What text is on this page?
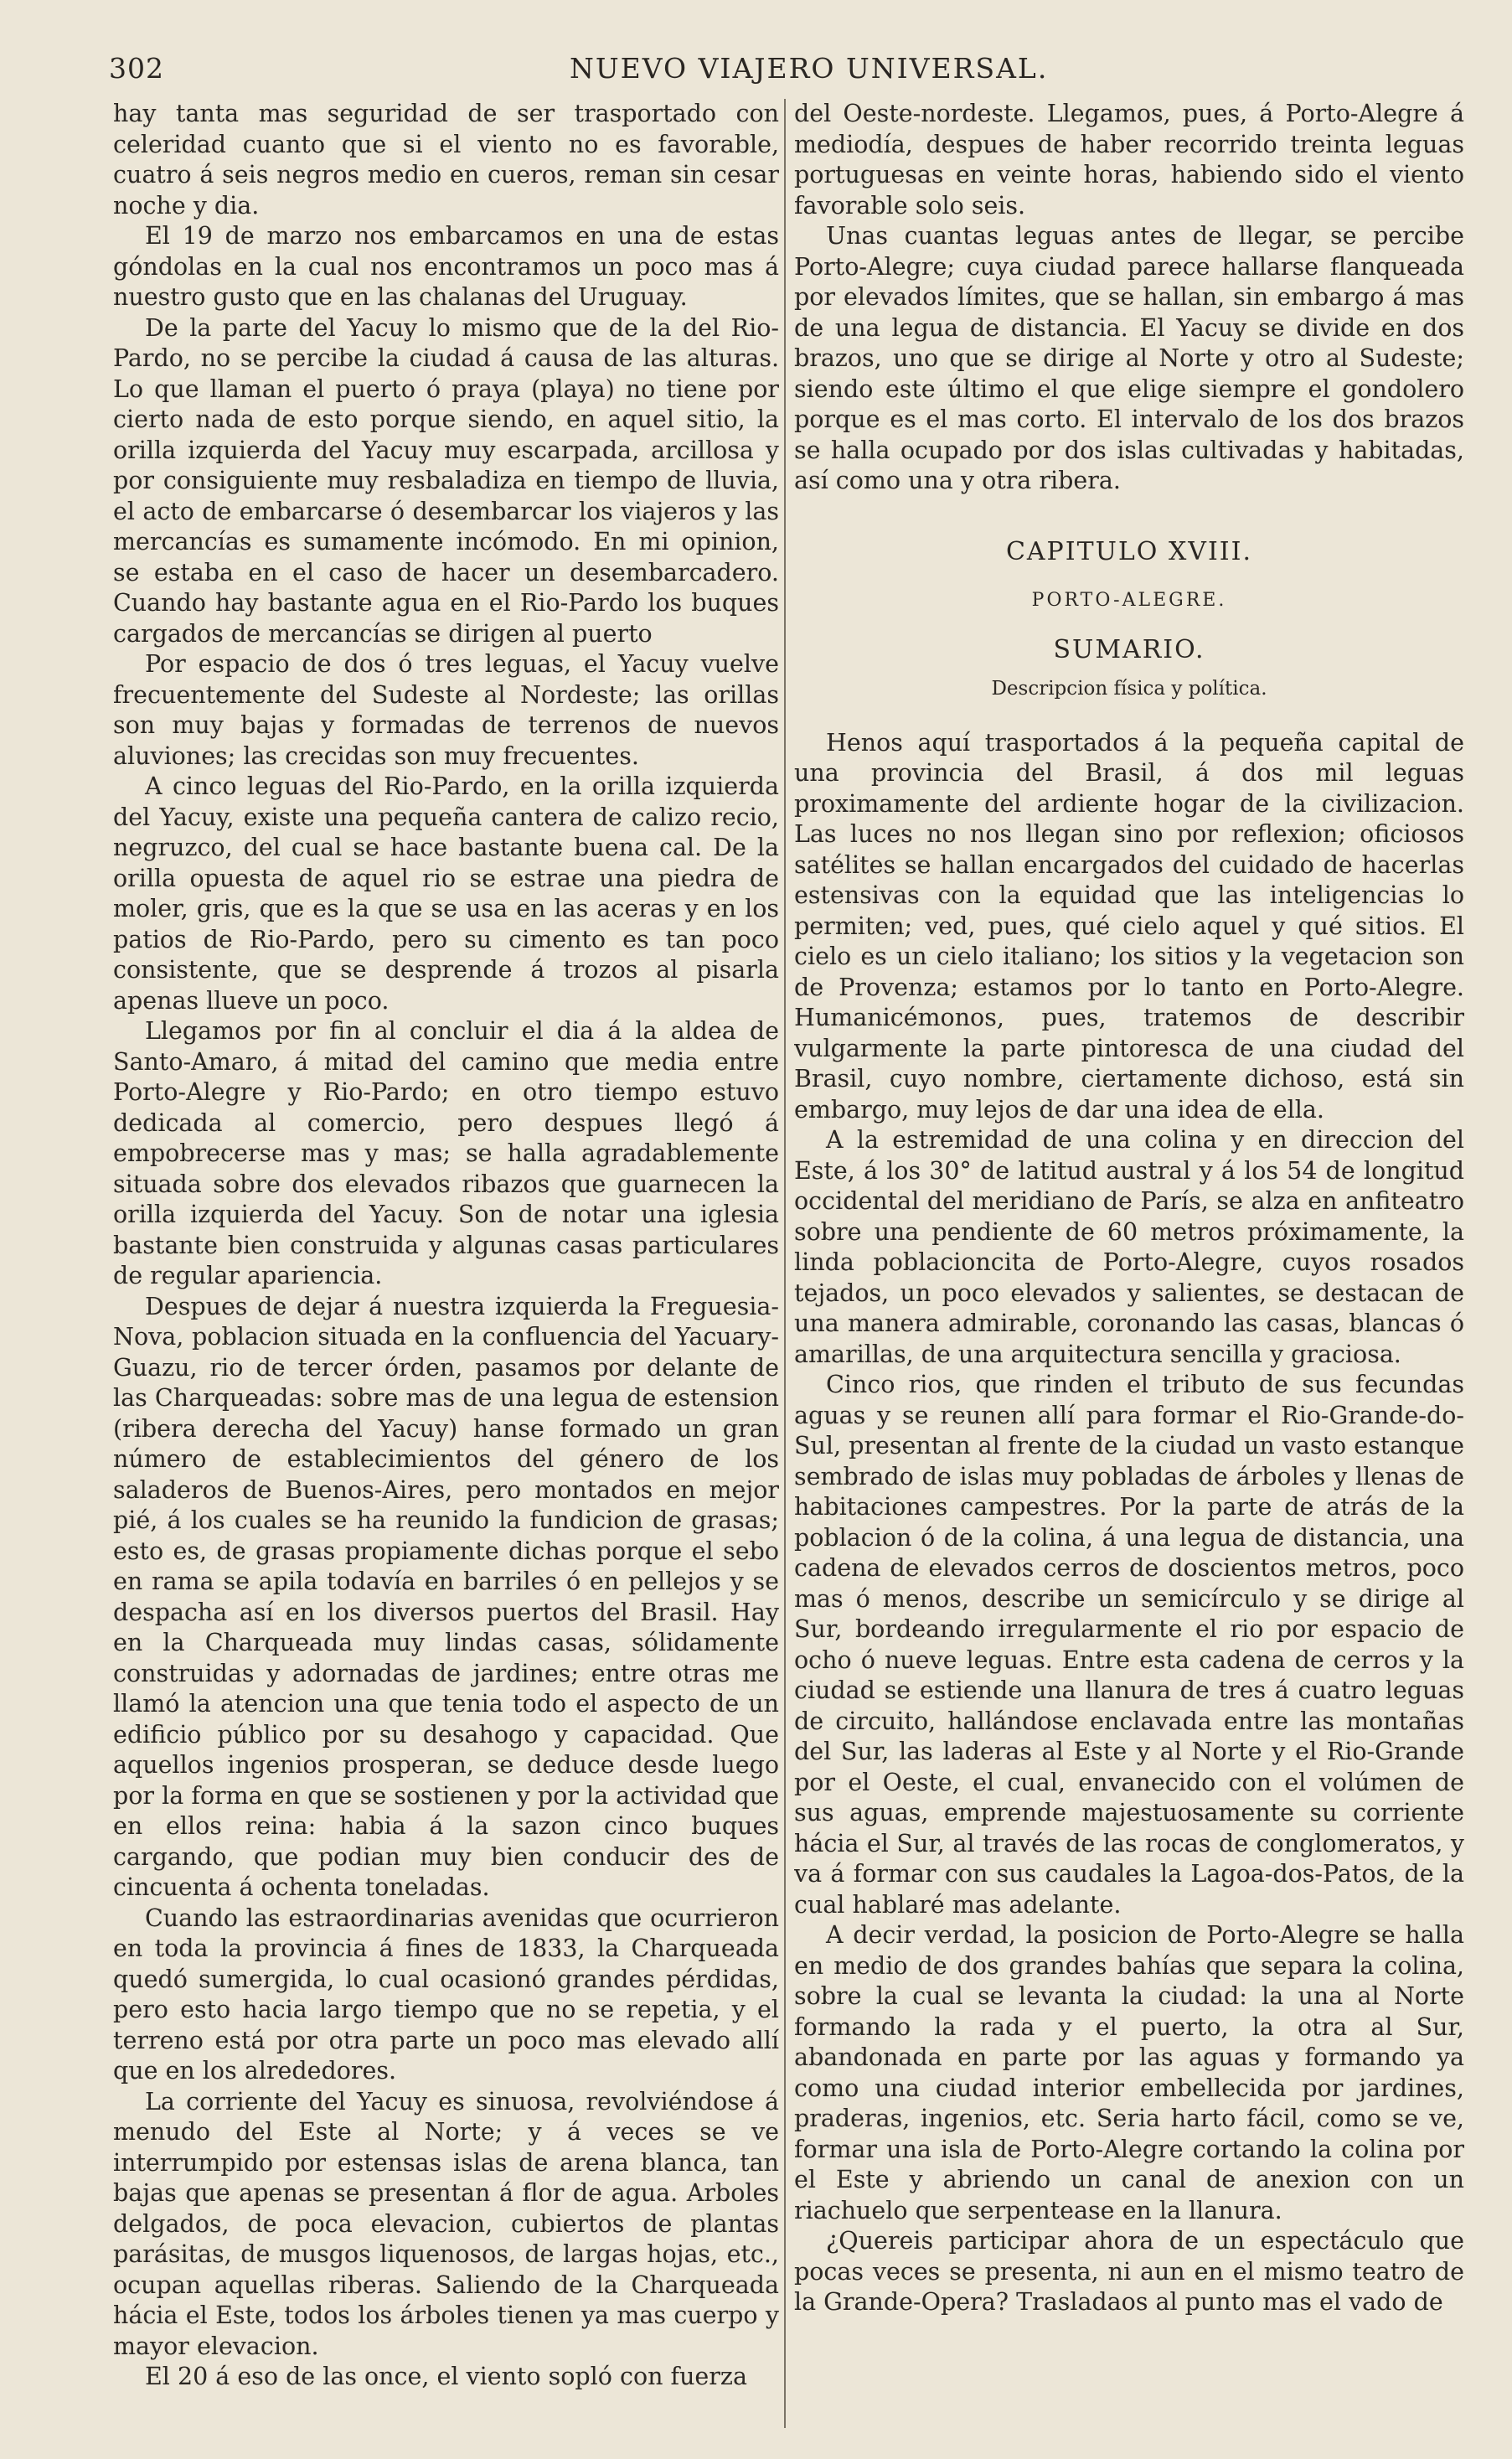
302	NUEVO VIAJERO UNIVERSAL.

hay tanta mas seguridad de ser trasportado con celeridad cuanto que si el viento no es favorable, cuatro á seis negros medio en cueros, reman sin cesar noche y dia.

El 19 de marzo nos embarcamos en una de estas góndolas en la cual nos encontramos un poco mas á nuestro gusto que en las chalanas del Uruguay.

De la parte del Yacuy lo mismo que de la del Rio-Pardo, no se percibe la ciudad á causa de las alturas. Lo que llaman el puerto ó praya (playa) no tiene por cierto nada de esto porque siendo, en aquel sitio, la orilla izquierda del Yacuy muy escarpada, arcillosa y por consiguiente muy resbaladiza en tiempo de lluvia, el acto de embarcarse ó desembarcar los viajeros y las mercancías es sumamente incómodo. En mi opinion, se estaba en el caso de hacer un desembarcadero. Cuando hay bastante agua en el Rio-Pardo los buques cargados de mercancías se dirigen al puerto

Por espacio de dos ó tres leguas, el Yacuy vuelve frecuentemente del Sudeste al Nordeste; las orillas son muy bajas y formadas de terrenos de nuevos aluviones; las crecidas son muy frecuentes.

A cinco leguas del Rio-Pardo, en la orilla izquierda del Yacuy, existe una pequeña cantera de calizo recio, negruzco, del cual se hace bastante buena cal. De la orilla opuesta de aquel rio se estrae una piedra de moler, gris, que es la que se usa en las aceras y en los patios de Rio-Pardo, pero su cimento es tan poco consistente, que se desprende á trozos al pisarla apenas llueve un poco.

Llegamos por fin al concluir el dia á la aldea de Santo-Amaro, á mitad del camino que media entre Porto-Alegre y Rio-Pardo; en otro tiempo estuvo dedicada al comercio, pero despues llegó á empobrecerse mas y mas; se halla agradablemente situada sobre dos elevados ribazos que guarnecen la orilla izquierda del Yacuy. Son de notar una iglesia bastante bien construida y algunas casas particulares de regular apariencia.

Despues de dejar á nuestra izquierda la Freguesia-Nova, poblacion situada en la confluencia del Yacuary-Guazu, rio de tercer órden, pasamos por delante de las Charqueadas: sobre mas de una legua de estension (ribera derecha del Yacuy) hanse formado un gran número de establecimientos del género de los saladeros de Buenos-Aires, pero montados en mejor pié, á los cuales se ha reunido la fundicion de grasas; esto es, de grasas propiamente dichas porque el sebo en rama se apila todavía en barriles ó en pellejos y se despacha así en los diversos puertos del Brasil. Hay en la Charqueada muy lindas casas, sólidamente construidas y adornadas de jardines; entre otras me llamó la atencion una que tenia todo el aspecto de un edificio público por su desahogo y capacidad. Que aquellos ingenios prosperan, se deduce desde luego por la forma en que se sostienen y por la actividad que en ellos reina: habia á la sazon cinco buques cargando, que podian muy bien conducir des de cincuenta á ochenta toneladas.

Cuando las estraordinarias avenidas que ocurrieron en toda la provincia á fines de 1833, la Charqueada quedó sumergida, lo cual ocasionó grandes pérdidas, pero esto hacia largo tiempo que no se repetia, y el terreno está por otra parte un poco mas elevado allí que en los alrededores.

La corriente del Yacuy es sinuosa, revolviéndose á menudo del Este al Norte; y á veces se ve interrumpido por estensas islas de arena blanca, tan bajas que apenas se presentan á flor de agua. Arboles delgados, de poca elevacion, cubiertos de plantas parásitas, de musgos liquenosos, de largas hojas, etc., ocupan aquellas riberas. Saliendo de la Charqueada hácia el Este, todos los árboles tienen ya mas cuerpo y mayor elevacion.

El 20 á eso de las once, el viento sopló con fuerza

del Oeste-nordeste. Llegamos, pues, á Porto-Alegre á mediodía, despues de haber recorrido treinta leguas portuguesas en veinte horas, habiendo sido el viento favorable solo seis.

Unas cuantas leguas antes de llegar, se percibe Porto-Alegre; cuya ciudad parece hallarse flanqueada por elevados límites, que se hallan, sin embargo á mas de una legua de distancia. El Yacuy se divide en dos brazos, uno que se dirige al Norte y otro al Sudeste; siendo este último el que elige siempre el gondolero porque es el mas corto. El intervalo de los dos brazos se halla ocupado por dos islas cultivadas y habitadas, así como una y otra ribera.

CAPITULO XVIII.
PORTO-ALEGRE.
SUMARIO.
Descripcion física y política.

Henos aquí trasportados á la pequeña capital de una provincia del Brasil, á dos mil leguas proximamente del ardiente hogar de la civilizacion. Las luces no nos llegan sino por reflexion; oficiosos satélites se hallan encargados del cuidado de hacerlas estensivas con la equidad que las inteligencias lo permiten; ved, pues, qué cielo aquel y qué sitios. El cielo es un cielo italiano; los sitios y la vegetacion son de Provenza; estamos por lo tanto en Porto-Alegre. Humanicémonos, pues, tratemos de describir vulgarmente la parte pintoresca de una ciudad del Brasil, cuyo nombre, ciertamente dichoso, está sin embargo, muy lejos de dar una idea de ella.

A la estremidad de una colina y en direccion del Este, á los 30° de latitud austral y á los 54 de longitud occidental del meridiano de París, se alza en anfiteatro sobre una pendiente de 60 metros próximamente, la linda poblacioncita de Porto-Alegre, cuyos rosados tejados, un poco elevados y salientes, se destacan de una manera admirable, coronando las casas, blancas ó amarillas, de una arquitectura sencilla y graciosa.

Cinco rios, que rinden el tributo de sus fecundas aguas y se reunen allí para formar el Rio-Grande-do-Sul, presentan al frente de la ciudad un vasto estanque sembrado de islas muy pobladas de árboles y llenas de habitaciones campestres. Por la parte de atrás de la poblacion ó de la colina, á una legua de distancia, una cadena de elevados cerros de doscientos metros, poco mas ó menos, describe un semicírculo y se dirige al Sur, bordeando irregularmente el rio por espacio de ocho ó nueve leguas. Entre esta cadena de cerros y la ciudad se estiende una llanura de tres á cuatro leguas de circuito, hallándose enclavada entre las montañas del Sur, las laderas al Este y al Norte y el Rio-Grande por el Oeste, el cual, envanecido con el volúmen de sus aguas, emprende majestuosamente su corriente hácia el Sur, al través de las rocas de conglomeratos, y va á formar con sus caudales la Lagoa-dos-Patos, de la cual hablaré mas adelante.

A decir verdad, la posicion de Porto-Alegre se halla en medio de dos grandes bahías que separa la colina, sobre la cual se levanta la ciudad: la una al Norte formando la rada y el puerto, la otra al Sur, abandonada en parte por las aguas y formando ya como una ciudad interior embellecida por jardines, praderas, ingenios, etc. Seria harto fácil, como se ve, formar una isla de Porto-Alegre cortando la colina por el Este y abriendo un canal de anexion con un riachuelo que serpentease en la llanura.

¿Quereis participar ahora de un espectáculo que pocas veces se presenta, ni aun en el mismo teatro de la Grande-Opera? Trasladaos al punto mas el vado de
